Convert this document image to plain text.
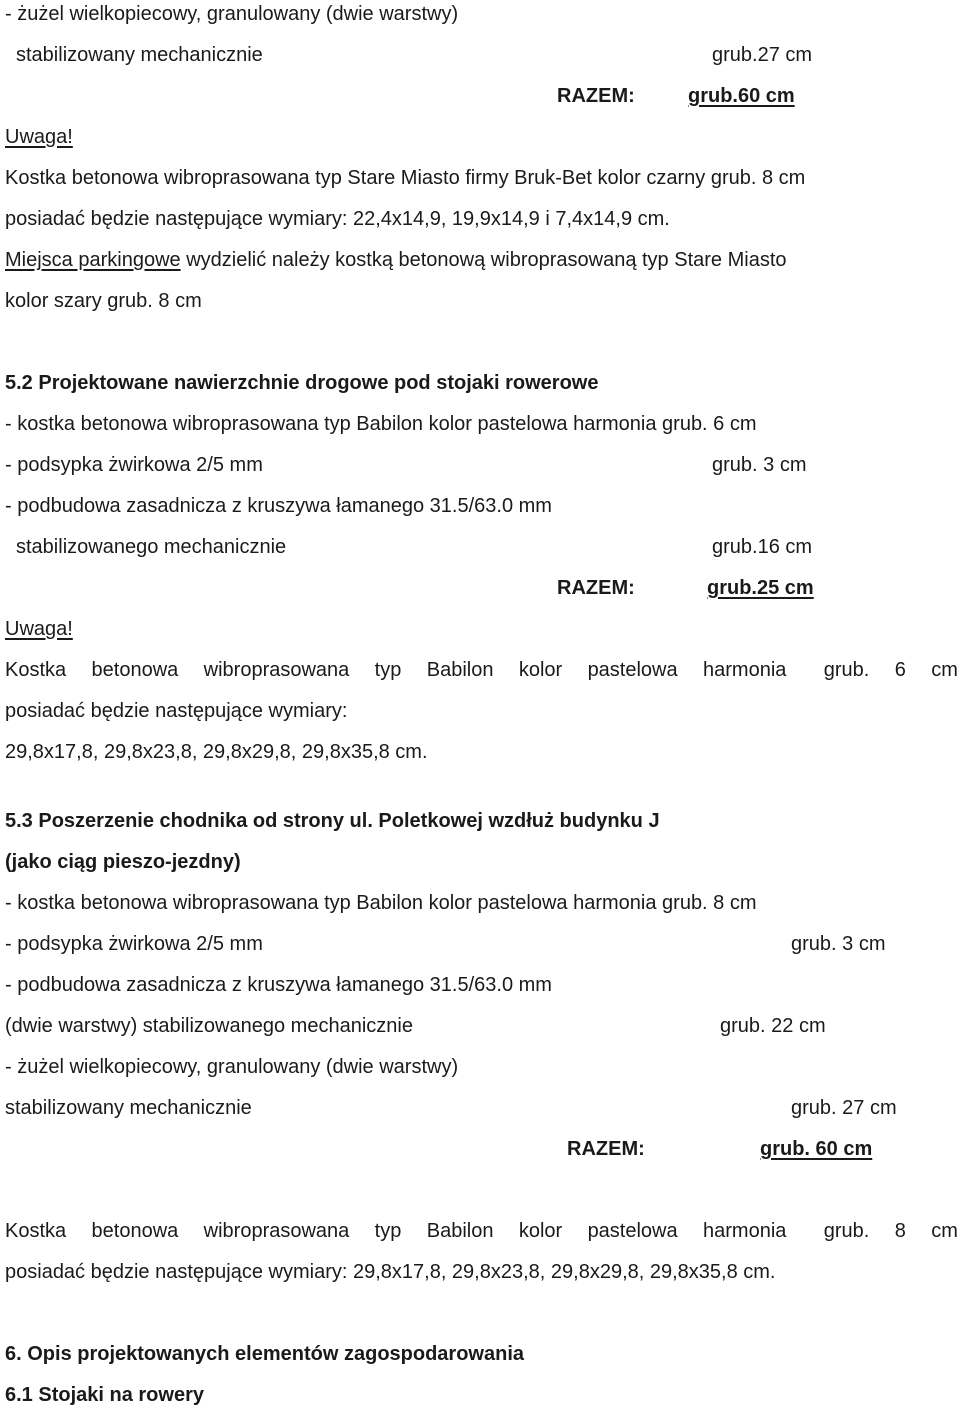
- żużel wielkopiecowy, granulowany (dwie warstwy)
stabilizowany mechanicznie	grub.27 cm
RAZEM:	grub.60 cm
Uwaga!
Kostka betonowa wibroprasowana typ Stare Miasto firmy Bruk-Bet kolor czarny grub. 8 cm
posiadać będzie następujące wymiary: 22,4x14,9, 19,9x14,9 i 7,4x14,9 cm.
Miejsca parkingowe wydzielić należy kostką betonową wibroprasowaną typ Stare Miasto
kolor szary grub. 8 cm
5.2 Projektowane nawierzchnie drogowe pod stojaki rowerowe
- kostka betonowa wibroprasowana typ Babilon kolor pastelowa harmonia grub. 6 cm
- podsypka żwirkowa 2/5 mm	grub. 3 cm
- podbudowa zasadnicza z kruszywa łamanego 31.5/63.0 mm
stabilizowanego mechanicznie	grub.16 cm
RAZEM:	grub.25 cm
Uwaga!
Kostka betonowa wibroprasowana typ Babilon kolor pastelowa harmonia grub. 6 cm
posiadać będzie następujące wymiary:
29,8x17,8, 29,8x23,8, 29,8x29,8, 29,8x35,8 cm.
5.3 Poszerzenie chodnika od strony ul. Poletkowej wzdłuż budynku J
(jako ciąg pieszo-jezdny)
- kostka betonowa wibroprasowana typ Babilon kolor pastelowa harmonia grub. 8 cm
- podsypka żwirkowa 2/5 mm	grub. 3 cm
- podbudowa zasadnicza z kruszywa łamanego 31.5/63.0 mm
(dwie warstwy) stabilizowanego mechanicznie	grub. 22 cm
- żużel wielkopiecowy, granulowany (dwie warstwy)
stabilizowany mechanicznie	grub. 27 cm
RAZEM:	grub. 60 cm
Kostka betonowa wibroprasowana typ Babilon kolor pastelowa harmonia grub. 8 cm
posiadać będzie następujące wymiary: 29,8x17,8, 29,8x23,8, 29,8x29,8, 29,8x35,8 cm.
6. Opis projektowanych elementów zagospodarowania
6.1 Stojaki na rowery
